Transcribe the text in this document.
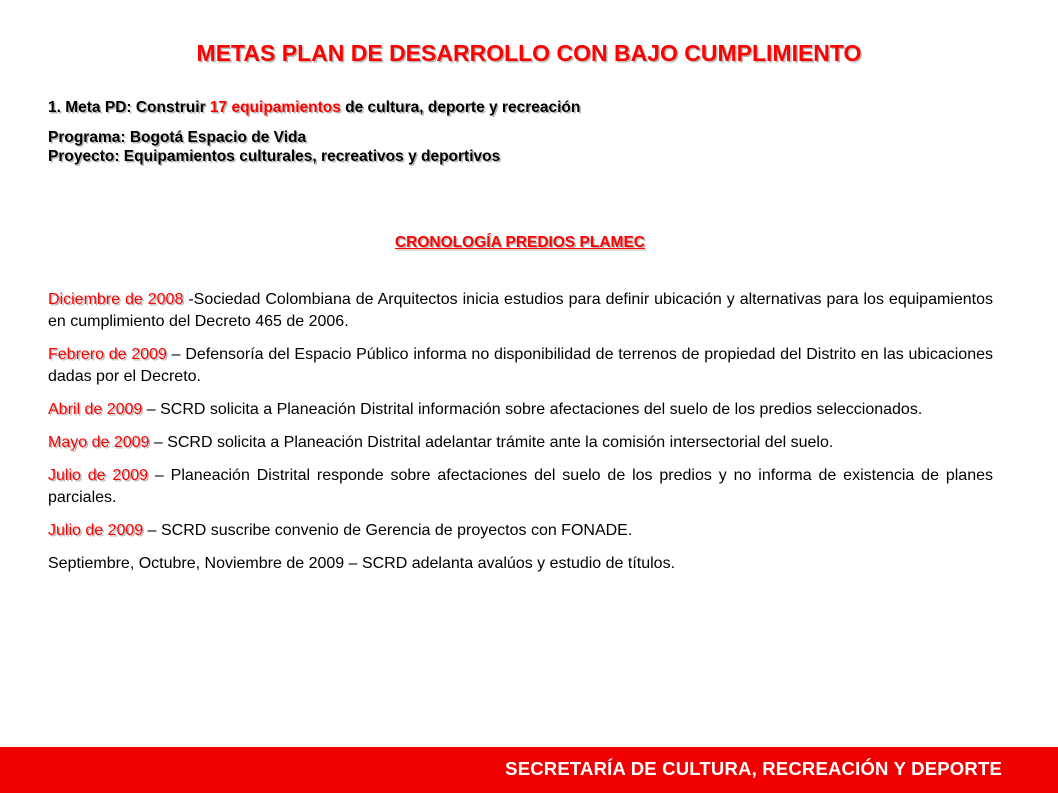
METAS PLAN DE DESARROLLO CON BAJO CUMPLIMIENTO

1. Meta PD: Construir 17 equipamientos de cultura, deporte y recreación

Programa: Bogotá Espacio de Vida

Proyecto: Equipamientos culturales, recreativos y deportivos

CRONOLOGÍA PREDIOS PLAMEC

Diciembre de 2008 -Sociedad Colombiana de Arquitectos inicia estudios para definir ubicación y alternativas para los equipamientos en cumplimiento del Decreto 465 de 2006.

Febrero de 2009 – Defensoría del Espacio Público informa no disponibilidad de terrenos de propiedad del Distrito en las ubicaciones dadas por el Decreto.

Abril de 2009 – SCRD solicita a Planeación Distrital información sobre afectaciones del suelo de los predios seleccionados.

Mayo de 2009 – SCRD solicita a Planeación Distrital adelantar trámite ante la comisión intersectorial del suelo.

Julio de 2009 – Planeación Distrital responde sobre afectaciones del suelo de los predios y no informa de existencia de planes parciales.

Julio de 2009 – SCRD suscribe convenio de Gerencia de proyectos con FONADE.

Septiembre, Octubre, Noviembre de 2009 – SCRD adelanta avalúos y estudio de títulos.

SECRETARÍA DE CULTURA, RECREACIÓN Y DEPORTE
